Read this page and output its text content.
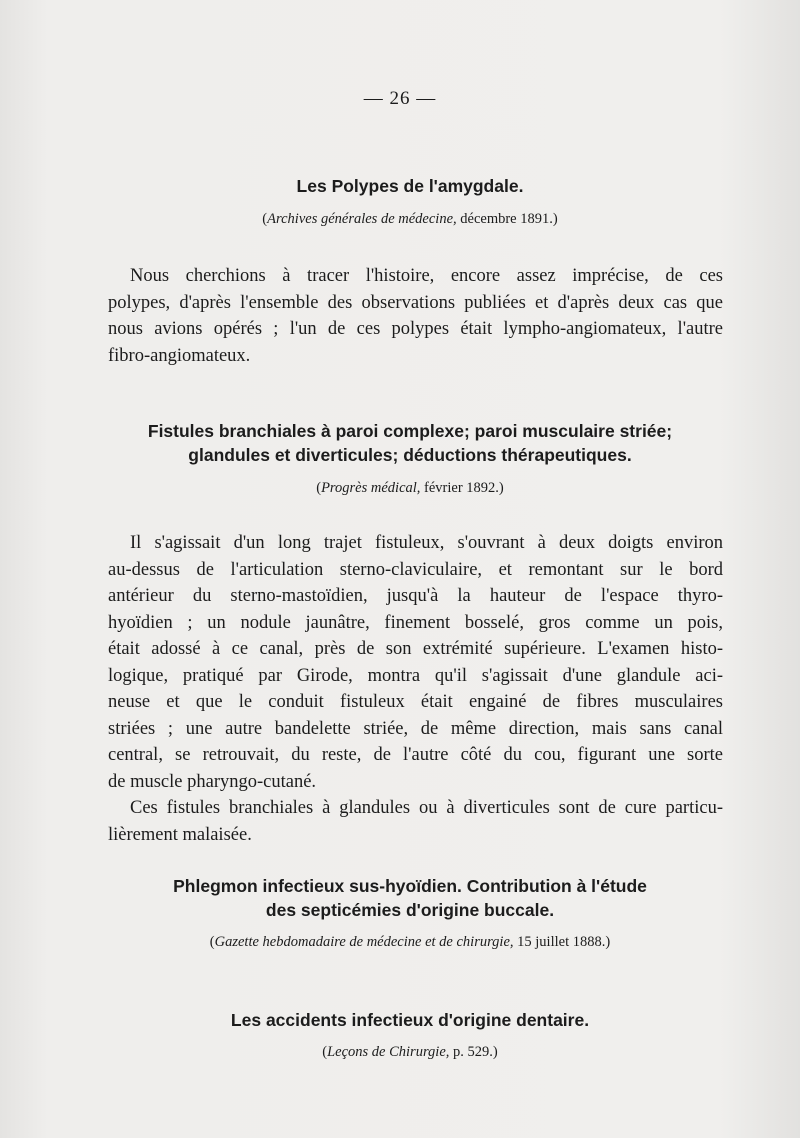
— 26 —
Les Polypes de l'amygdale.
(Archives générales de médecine, décembre 1891.)
Nous cherchions à tracer l'histoire, encore assez imprécise, de ces
polypes, d'après l'ensemble des observations publiées et d'après deux cas que
nous avions opérés ; l'un de ces polypes était lympho-angiomateux, l'autre
fibro-angiomateux.
Fistules branchiales à paroi complexe; paroi musculaire striée;
glandules et diverticules; déductions thérapeutiques.
(Progrès médical, février 1892.)
Il s'agissait d'un long trajet fistuleux, s'ouvrant à deux doigts environ
au-dessus de l'articulation sterno-claviculaire, et remontant sur le bord
antérieur du sterno-mastoïdien, jusqu'à la hauteur de l'espace thyro-
hyoïdien ; un nodule jaunâtre, finement bosselé, gros comme un pois,
était adossé à ce canal, près de son extrémité supérieure. L'examen histo-
logique, pratiqué par Girode, montra qu'il s'agissait d'une glandule aci-
neuse et que le conduit fistuleux était engainé de fibres musculaires
striées ; une autre bandelette striée, de même direction, mais sans canal
central, se retrouvait, du reste, de l'autre côté du cou, figurant une sorte
de muscle pharyngo-cutané.
Ces fistules branchiales à glandules ou à diverticules sont de cure particu-
lièrement malaisée.
Phlegmon infectieux sus-hyoïdien. Contribution à l'étude
des septicémies d'origine buccale.
(Gazette hebdomadaire de médecine et de chirurgie, 15 juillet 1888.)
Les accidents infectieux d'origine dentaire.
(Leçons de Chirurgie, p. 529.)
